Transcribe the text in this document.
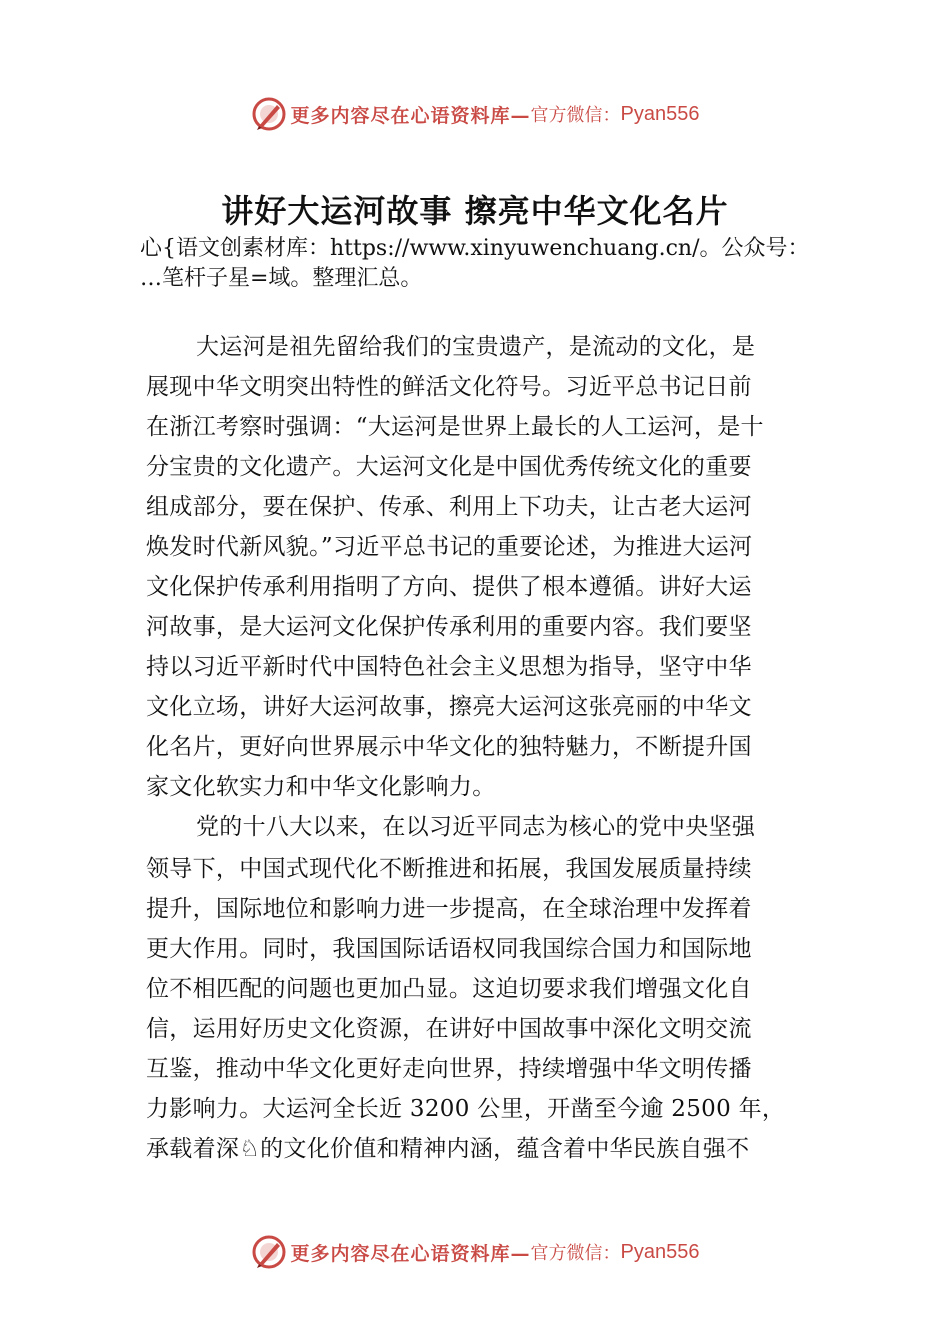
更多内容尽在心语资料库— 官方微信： Pyan556
讲好大运河故事 擦亮中华文化名片
心{语文创素材库：https://www.xinyuwenchuang.cn/。公众号：
…笔杆子星=域。整理汇总。
大运河是祖先留给我们的宝贵遗产，是流动的文化，是
展现中华文明突出特性的鲜活文化符号。习近平总书记日前
在浙江考察时强调：“大运河是世界上最长的人工运河，是十
分宝贵的文化遗产。大运河文化是中国优秀传统文化的重要
组成部分，要在保护、传承、利用上下功夫，让古老大运河
焕发时代新风貌。”习近平总书记的重要论述，为推进大运河
文化保护传承利用指明了方向、提供了根本遵循。讲好大运
河故事，是大运河文化保护传承利用的重要内容。我们要坚
持以习近平新时代中国特色社会主义思想为指导，坚守中华
文化立场，讲好大运河故事，擦亮大运河这张亮丽的中华文
化名片，更好向世界展示中华文化的独特魅力，不断提升国
家文化软实力和中华文化影响力。
党的十八大以来，在以习近平同志为核心的党中央坚强
领导下，中国式现代化不断推进和拓展，我国发展质量持续
提升，国际地位和影响力进一步提高，在全球治理中发挥着
更大作用。同时，我国国际话语权同我国综合国力和国际地
位不相匹配的问题也更加凸显。这迫切要求我们增强文化自
信，运用好历史文化资源，在讲好中国故事中深化文明交流
互鉴，推动中华文化更好走向世界，持续增强中华文明传播
力影响力。大运河全长近 3200 公里，开凿至今逾 2500 年，
承载着深♘的文化价值和精神内涵，蕴含着中华民族自强不
更多内容尽在心语资料库— 官方微信： Pyan556
